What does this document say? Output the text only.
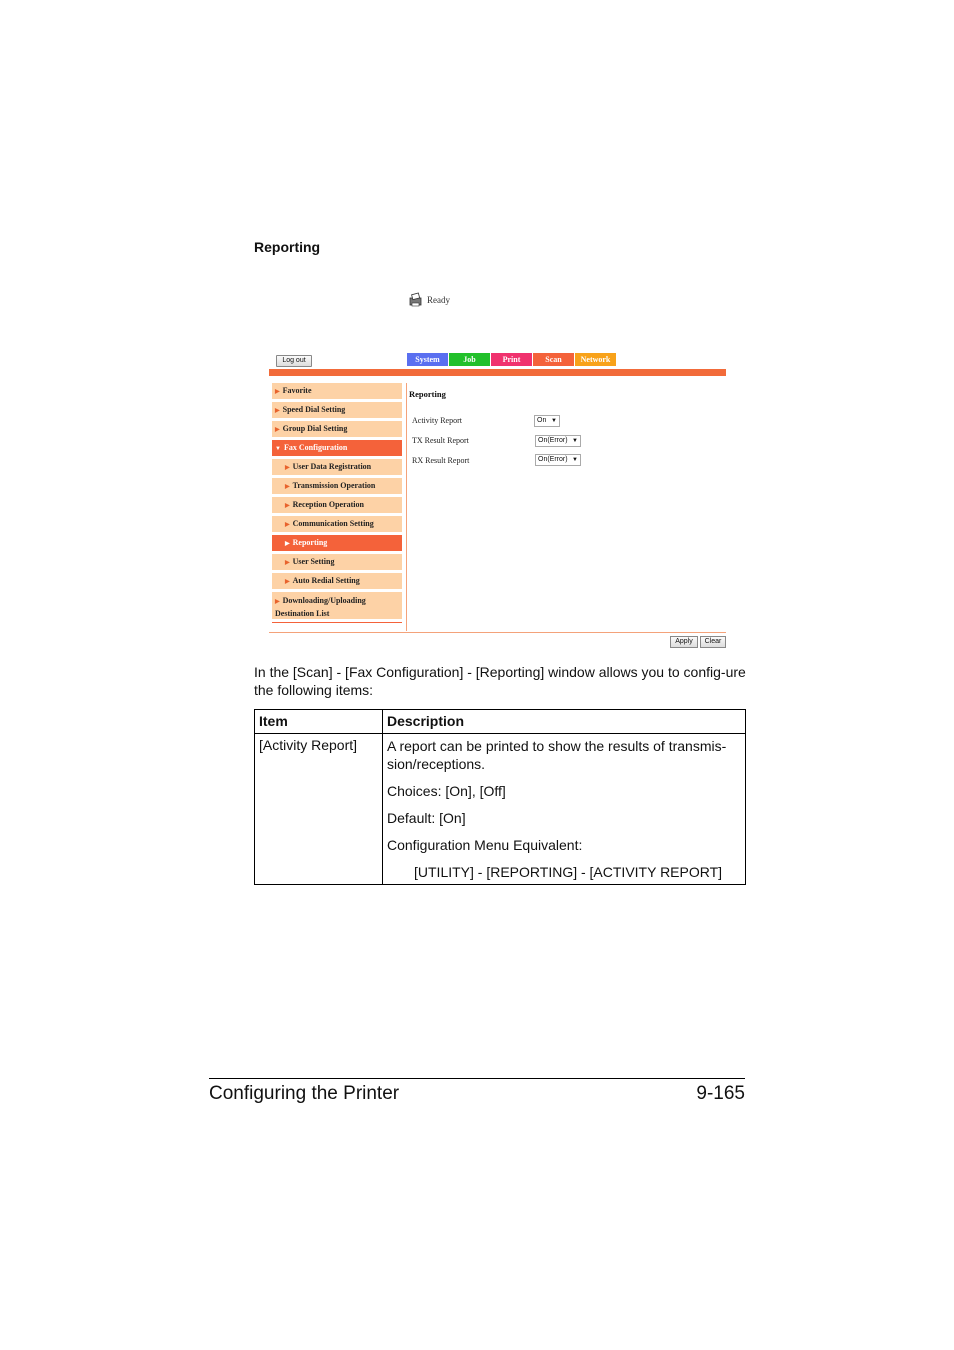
Reporting
Ready
Log out	System	Job	Print	Scan	Network
▶ Favorite
▶ Speed Dial Setting
▶ Group Dial Setting
▼ Fax Configuration
▶ User Data Registration
▶ Transmission Operation
▶ Reception Operation
▶ Communication Setting
▶ Reporting
▶ User Setting
▶ Auto Redial Setting
▶ Downloading/Uploading
Destination List
Reporting
Activity Report	On ▼
TX Result Report	On(Error) ▼
RX Result Report	On(Error) ▼
Apply	Clear
In the [Scan] - [Fax Configuration] - [Reporting] window allows you to config-ure the following items:
Item	Description
[Activity Report]	A report can be printed to show the results of transmis-sion/receptions.

Choices: [On], [Off]

Default: [On]

Configuration Menu Equivalent:

[UTILITY] - [REPORTING] - [ACTIVITY REPORT]

Configuring the Printer	9-165
